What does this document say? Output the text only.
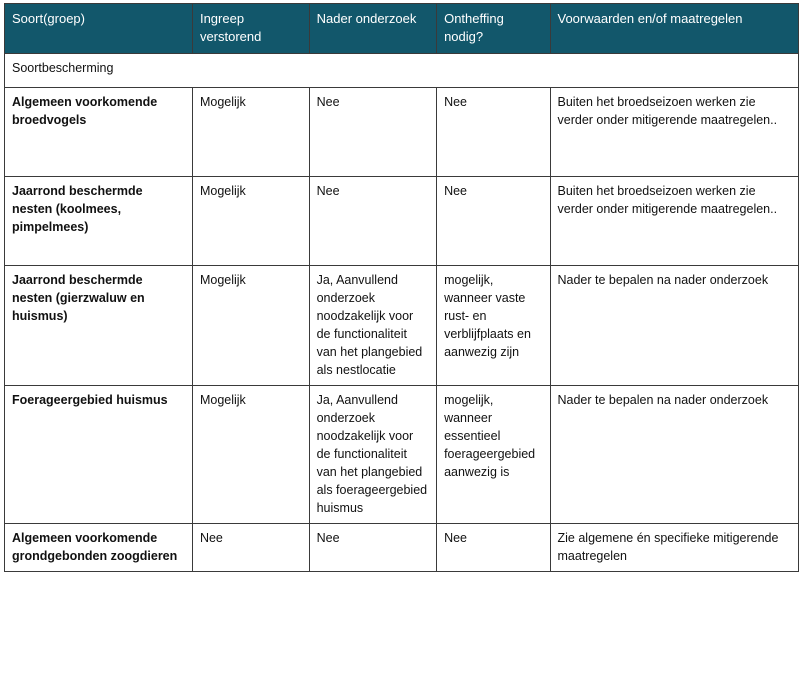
Soort(groep)	Ingreep verstorend	Nader onderzoek	Ontheffing nodig?	Voorwaarden en/of maatregelen
Soortbescherming				
Algemeen voorkomende broedvogels	Mogelijk	Nee	Nee	Buiten het broedseizoen werken zie verder onder mitigerende maatregelen..
Jaarrond beschermde nesten (koolmees, pimpelmees)	Mogelijk	Nee	Nee	Buiten het broedseizoen werken zie verder onder mitigerende maatregelen..
Jaarrond beschermde nesten (gierzwaluw en huismus)	Mogelijk	Ja, Aanvullend onderzoek noodzakelijk voor de functionaliteit van het plangebied als nestlocatie	mogelijk, wanneer vaste rust- en verblijfplaats en aanwezig zijn	Nader te bepalen na nader onderzoek
Foerageergebied huismus	Mogelijk	Ja, Aanvullend onderzoek noodzakelijk voor de functionaliteit van het plangebied als foerageergebied huismus	mogelijk, wanneer essentieel foerageergebied aanwezig is	Nader te bepalen na nader onderzoek
Algemeen voorkomende grondgebonden zoogdieren	Nee	Nee	Nee	Zie algemene én specifieke mitigerende maatregelen
